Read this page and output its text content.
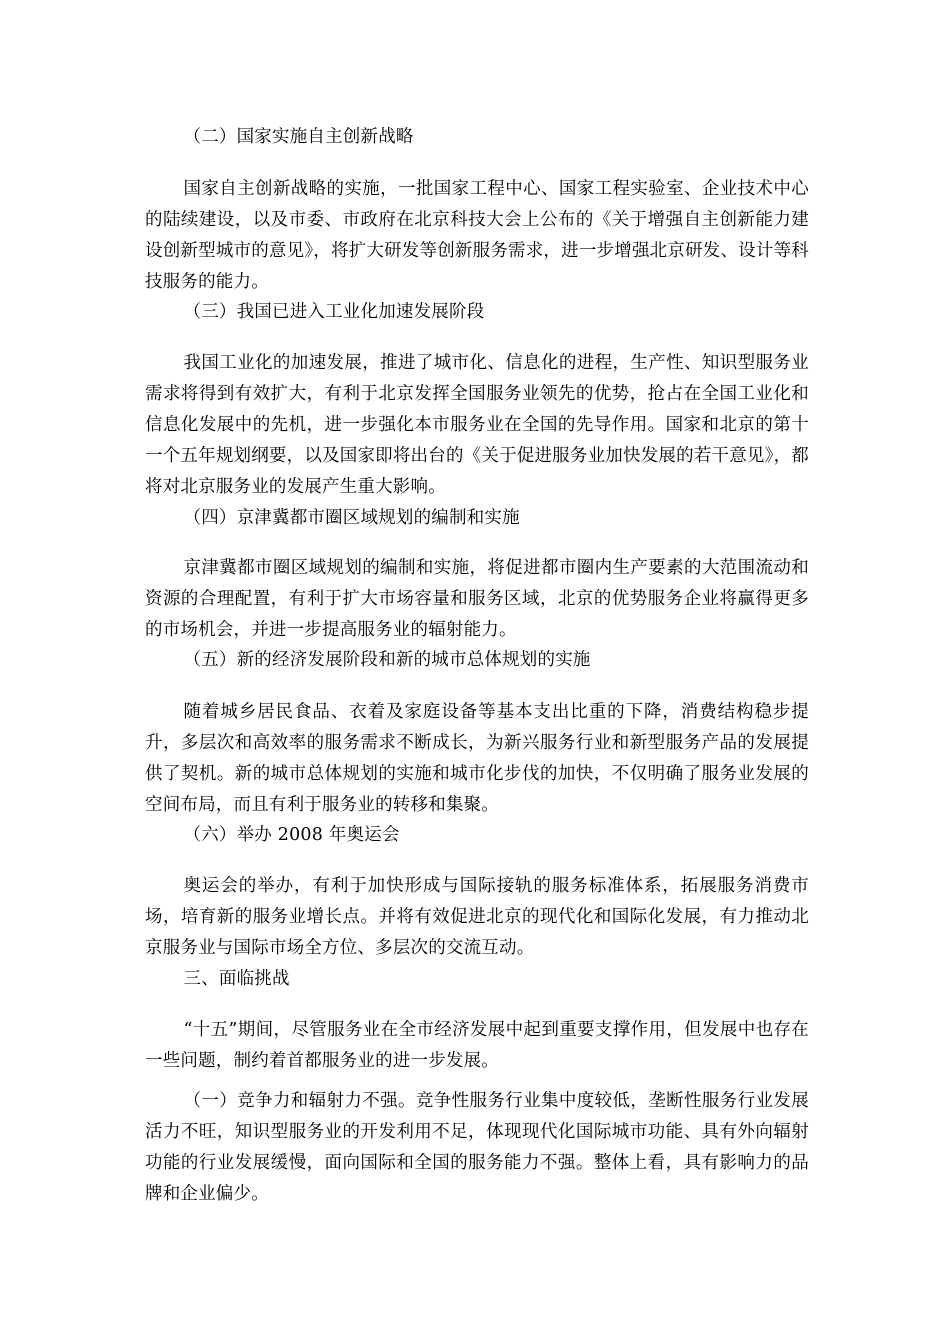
（二）国家实施自主创新战略
国家自主创新战略的实施，一批国家工程中心、国家工程实验室、企业技术中心的陆续建设，以及市委、市政府在北京科技大会上公布的《关于增强自主创新能力建设创新型城市的意见》，将扩大研发等创新服务需求，进一步增强北京研发、设计等科技服务的能力。
（三）我国已进入工业化加速发展阶段
我国工业化的加速发展，推进了城市化、信息化的进程，生产性、知识型服务业需求将得到有效扩大，有利于北京发挥全国服务业领先的优势，抢占在全国工业化和信息化发展中的先机，进一步强化本市服务业在全国的先导作用。国家和北京的第十一个五年规划纲要，以及国家即将出台的《关于促进服务业加快发展的若干意见》，都将对北京服务业的发展产生重大影响。
（四）京津冀都市圈区域规划的编制和实施
京津冀都市圈区域规划的编制和实施，将促进都市圈内生产要素的大范围流动和资源的合理配置，有利于扩大市场容量和服务区域，北京的优势服务企业将赢得更多的市场机会，并进一步提高服务业的辐射能力。
（五）新的经济发展阶段和新的城市总体规划的实施
随着城乡居民食品、衣着及家庭设备等基本支出比重的下降，消费结构稳步提升，多层次和高效率的服务需求不断成长，为新兴服务行业和新型服务产品的发展提供了契机。新的城市总体规划的实施和城市化步伐的加快，不仅明确了服务业发展的空间布局，而且有利于服务业的转移和集聚。
（六）举办 2008 年奥运会
奥运会的举办，有利于加快形成与国际接轨的服务标准体系，拓展服务消费市场，培育新的服务业增长点。并将有效促进北京的现代化和国际化发展，有力推动北京服务业与国际市场全方位、多层次的交流互动。
三、面临挑战
“十五”期间，尽管服务业在全市经济发展中起到重要支撑作用，但发展中也存在一些问题，制约着首都服务业的进一步发展。
（一）竞争力和辐射力不强。竞争性服务行业集中度较低，垄断性服务行业发展活力不旺，知识型服务业的开发利用不足，体现现代化国际城市功能、具有外向辐射功能的行业发展缓慢，面向国际和全国的服务能力不强。整体上看，具有影响力的品牌和企业偏少。
